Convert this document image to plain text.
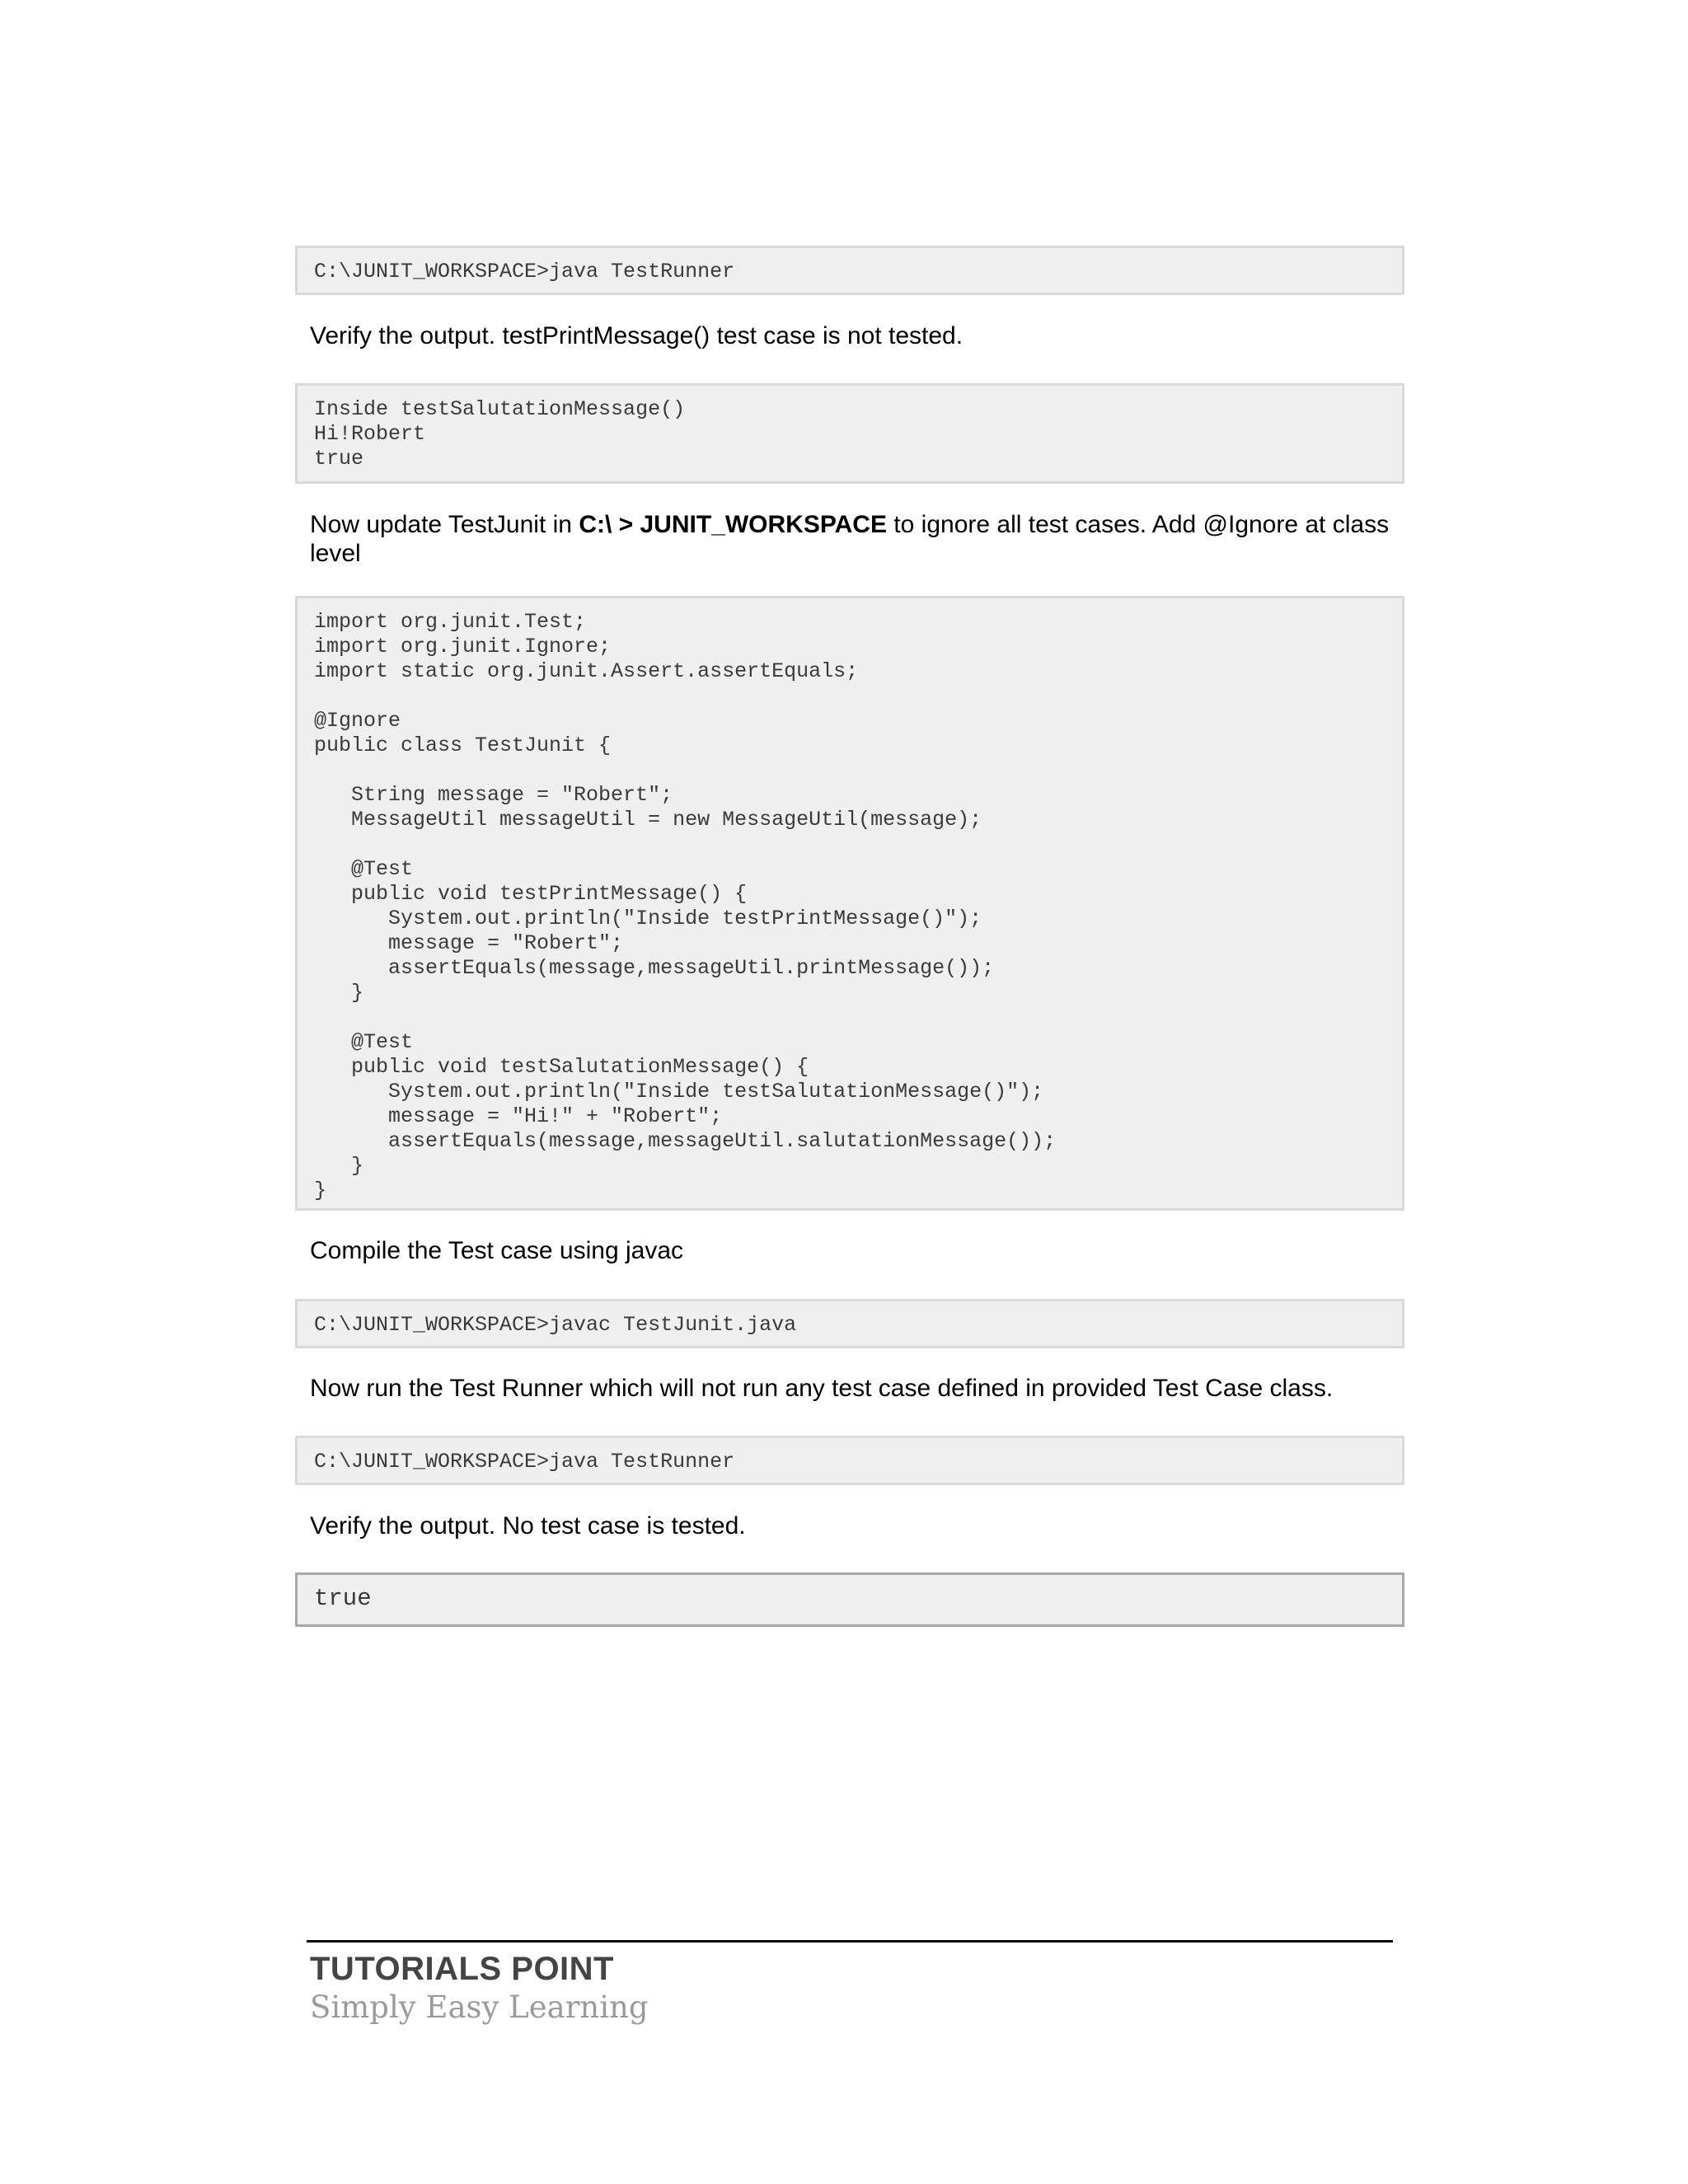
C:\JUNIT_WORKSPACE>java TestRunner

Verify the output. testPrintMessage() test case is not tested.

Inside testSalutationMessage()
Hi!Robert
true

Now update TestJunit in C:\ > JUNIT_WORKSPACE to ignore all test cases. Add @Ignore at class level

import org.junit.Test;
import org.junit.Ignore;
import static org.junit.Assert.assertEquals;

@Ignore
public class TestJunit {

String message = "Robert";
MessageUtil messageUtil = new MessageUtil(message);

@Test
public void testPrintMessage() {
System.out.println("Inside testPrintMessage()");
message = "Robert";
assertEquals(message,messageUtil.printMessage());
}

@Test
public void testSalutationMessage() {
System.out.println("Inside testSalutationMessage()");
message = "Hi!" + "Robert";
assertEquals(message,messageUtil.salutationMessage());
}
}

Compile the Test case using javac

C:\JUNIT_WORKSPACE>javac TestJunit.java

Now run the Test Runner which will not run any test case defined in provided Test Case class.

C:\JUNIT_WORKSPACE>java TestRunner

Verify the output. No test case is tested.

true
TUTORIALS POINT
Simply Easy Learning
